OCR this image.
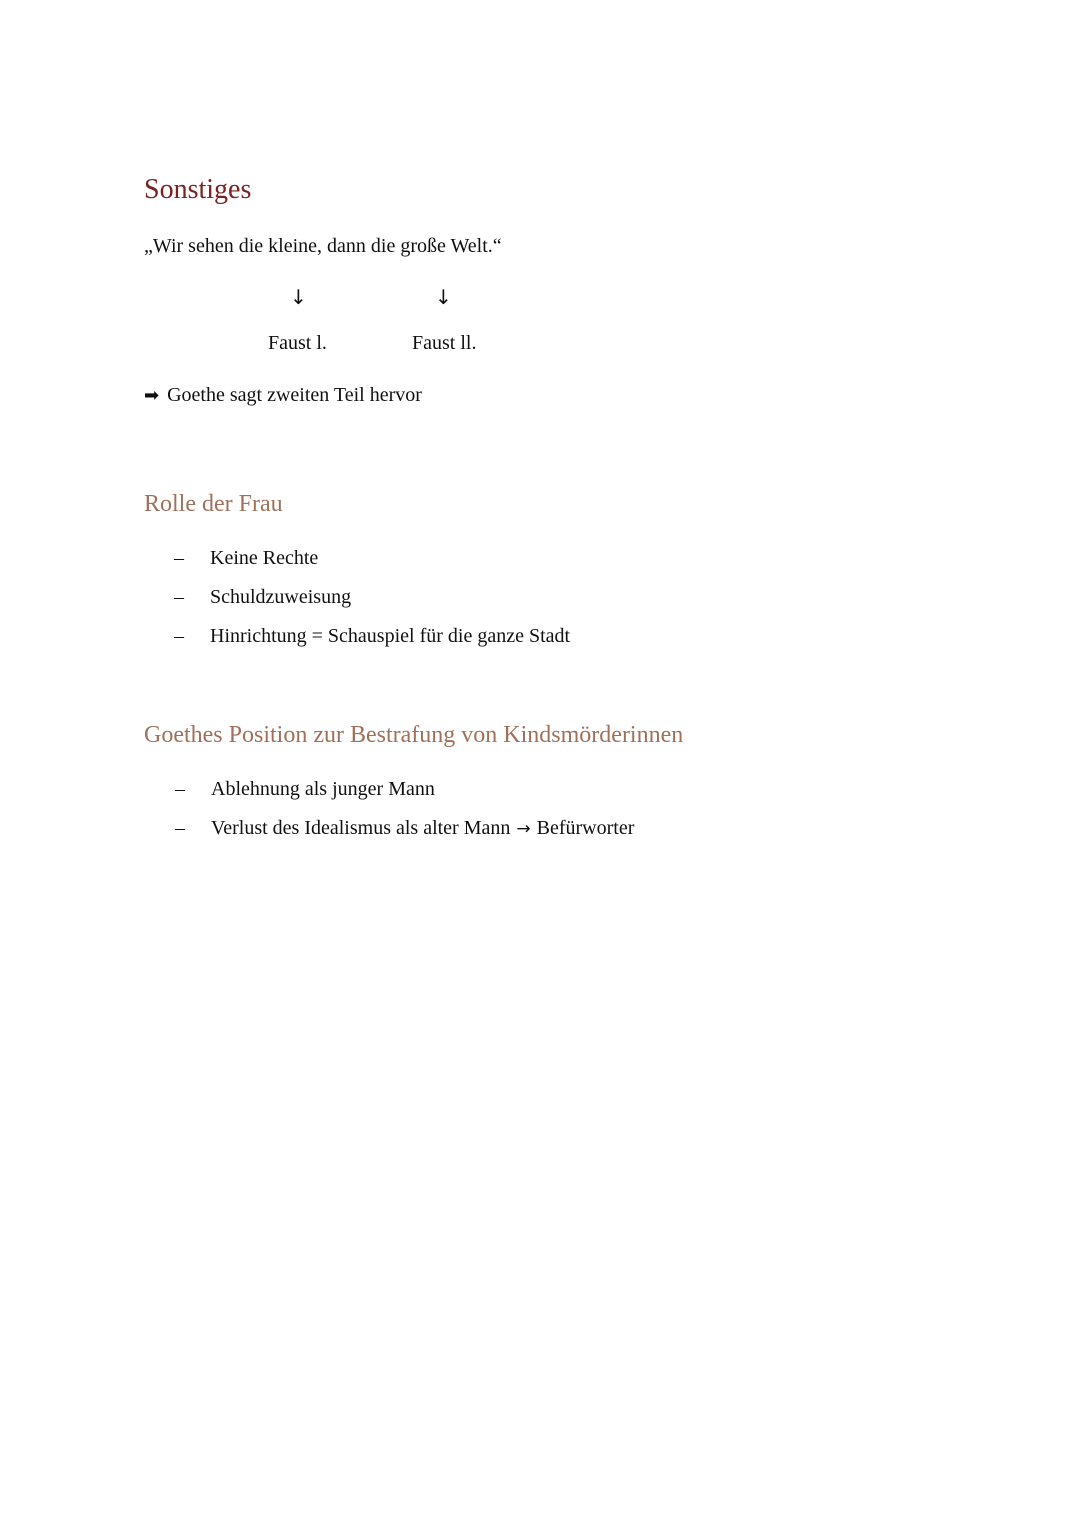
Sonstiges
„Wir sehen die kleine, dann die große Welt.“
↓	↓
Faust l.	Faust ll.
➡ Goethe sagt zweiten Teil hervor
Rolle der Frau
– Keine Rechte
– Schuldzuweisung
– Hinrichtung = Schauspiel für die ganze Stadt
Goethes Position zur Bestrafung von Kindsmörderinnen
– Ablehnung als junger Mann
– Verlust des Idealismus als alter Mann → Befürworter
